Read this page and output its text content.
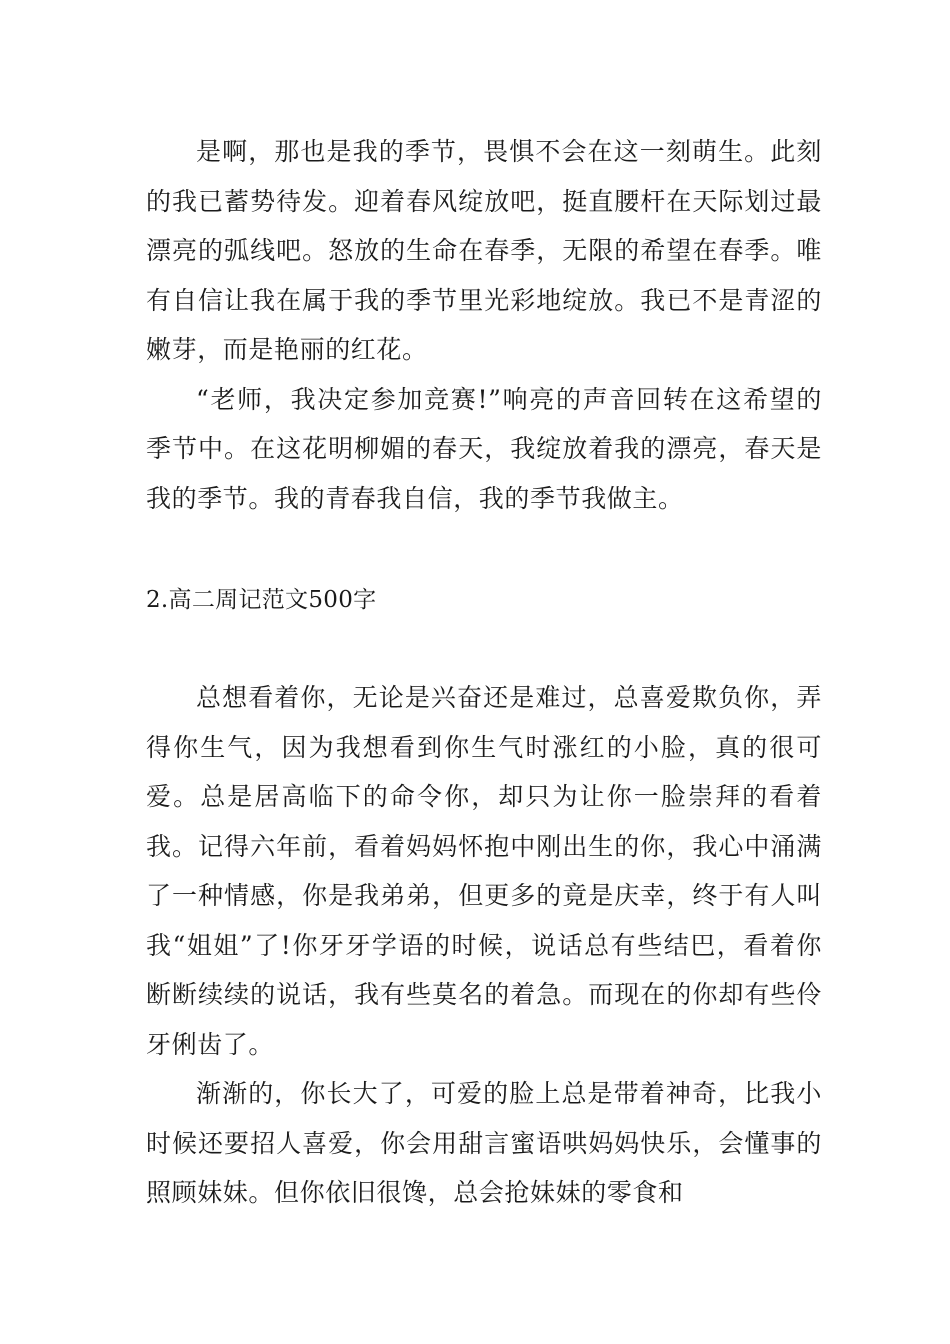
是啊，那也是我的季节，畏惧不会在这一刻萌生。此刻的我已蓄势待发。迎着春风绽放吧，挺直腰杆在天际划过最漂亮的弧线吧。怒放的生命在春季，无限的希望在春季。唯有自信让我在属于我的季节里光彩地绽放。我已不是青涩的嫩芽，而是艳丽的红花。

“老师，我决定参加竞赛!”响亮的声音回转在这希望的季节中。在这花明柳媚的春天，我绽放着我的漂亮，春天是我的季节。我的青春我自信，我的季节我做主。

2.高二周记范文500字

总想看着你，无论是兴奋还是难过，总喜爱欺负你，弄得你生气，因为我想看到你生气时涨红的小脸，真的很可爱。总是居高临下的命令你，却只为让你一脸崇拜的看着我。记得六年前，看着妈妈怀抱中刚出生的你，我心中涌满了一种情感，你是我弟弟，但更多的竟是庆幸，终于有人叫我“姐姐”了!你牙牙学语的时候，说话总有些结巴，看着你断断续续的说话，我有些莫名的着急。而现在的你却有些伶牙俐齿了。

渐渐的，你长大了，可爱的脸上总是带着神奇，比我小时候还要招人喜爱，你会用甜言蜜语哄妈妈快乐，会懂事的照顾妹妹。但你依旧很馋，总会抢妹妹的零食和
